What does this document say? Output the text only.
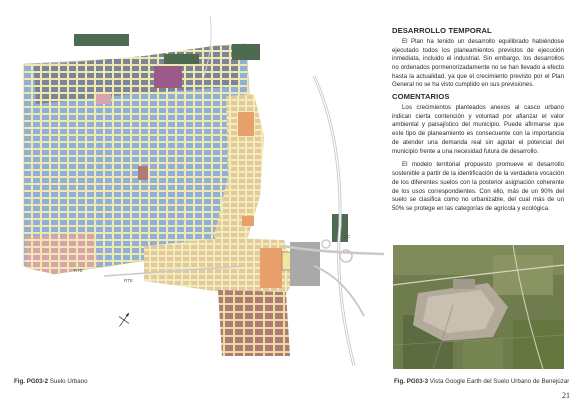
RTE
RTE
EC
Fig. PG03-2 Suelo Urbano
DESARROLLO TEMPORAL

El Plan ha tenido un desarrollo equilibrado habiéndose ejecutado todos los planeamientos previstos de ejecución inmediata, incluido el industrial. Sin embargo, los desarrollos no ordenados pormenorizadamente no se han llevado a efecto hasta la actualidad, ya que el crecimiento previsto por el Plan General no se ha visto cumplido en sus previsiones.

COMENTARIOS

Los crecimientos planteados anexos al casco urbano indican cierta contención y voluntad por afianzar el valor ambiental y paisajístico del municipio. Puede afirmarse que este tipo de planeamiento es consecuente con la importancia de atender una demanda real sin agotar el potencial del municipio frente a una necesidad futura de desarrollo.

El modelo territorial propuesto promueve el desarrollo sostenible a partir de la identificación de la verdadera vocación de los diferentes suelos con la posterior asignación coherente de los usos correspondientes. Con ello, más de un 90% del suelo se clasifica como no urbanizable, del cual más de un 50% se protege en las categorías de agrícola y ecológica.

Fig. PG03-3 Vista Google Earth del Suelo Urbano de Benejúzar
21
